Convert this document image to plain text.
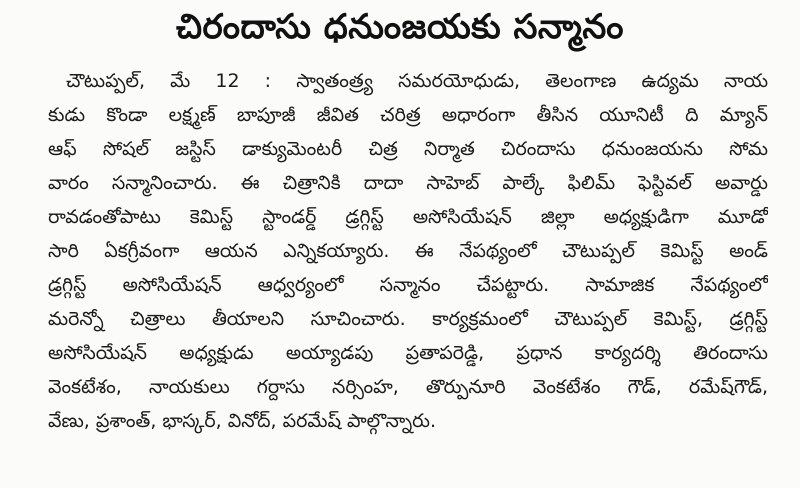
చిరందాసు ధనుంజయకు సన్మానం
చౌటుప్పల్, మే 12 : స్వాతంత్ర్య సమరయోధుడు, తెలంగాణ ఉద్యమ నాయ
కుడు కొండా లక్ష్మణ్ బాపూజీ జీవిత చరిత్ర అధారంగా తీసిన యూనిటీ ది మ్యాన్
ఆఫ్ సోషల్ జస్టిస్ డాక్యుమెంటరీ చిత్ర నిర్మాత చిరందాసు ధనుంజయను సోమ
వారం సన్మానించారు. ఈ చిత్రానికి దాదా సాహెబ్ పాల్కే ఫిలిమ్ ఫెస్టివల్ అవార్డు
రావడంతోపాటు కెమిస్ట్ స్టాండర్డ్ డ్రగ్గిస్ట్ అసోసియేషన్ జిల్లా అధ్యక్షుడిగా మూడో
సారి ఏకగ్రీవంగా ఆయన ఎన్నికయ్యారు. ఈ నేపథ్యంలో చౌటుప్పల్ కెమిస్ట్ అండ్
డ్రగ్గిస్ట్ అసోసియేషన్ ఆధ్వర్యంలో సన్మానం చేపట్టారు. సామాజిక నేపథ్యంలో
మరెన్నో చిత్రాలు తీయాలని సూచించారు. కార్యక్రమంలో చౌటుప్పల్ కెమిస్ట్, డ్రగ్గిస్ట్
అసోసియేషన్ అధ్యక్షుడు అయ్యాడపు ప్రతాపరెడ్డి, ప్రధాన కార్యదర్శి తిరందాసు
వెంకటేశం, నాయకులు గర్దాసు నర్సింహ, తొర్పునూరి వెంకటేశం గౌడ్, రమేష్‌గౌడ్,
వేణు, ప్రశాంత్, భాస్కర్, వినోద్, పరమేష్ పాల్గొన్నారు.
